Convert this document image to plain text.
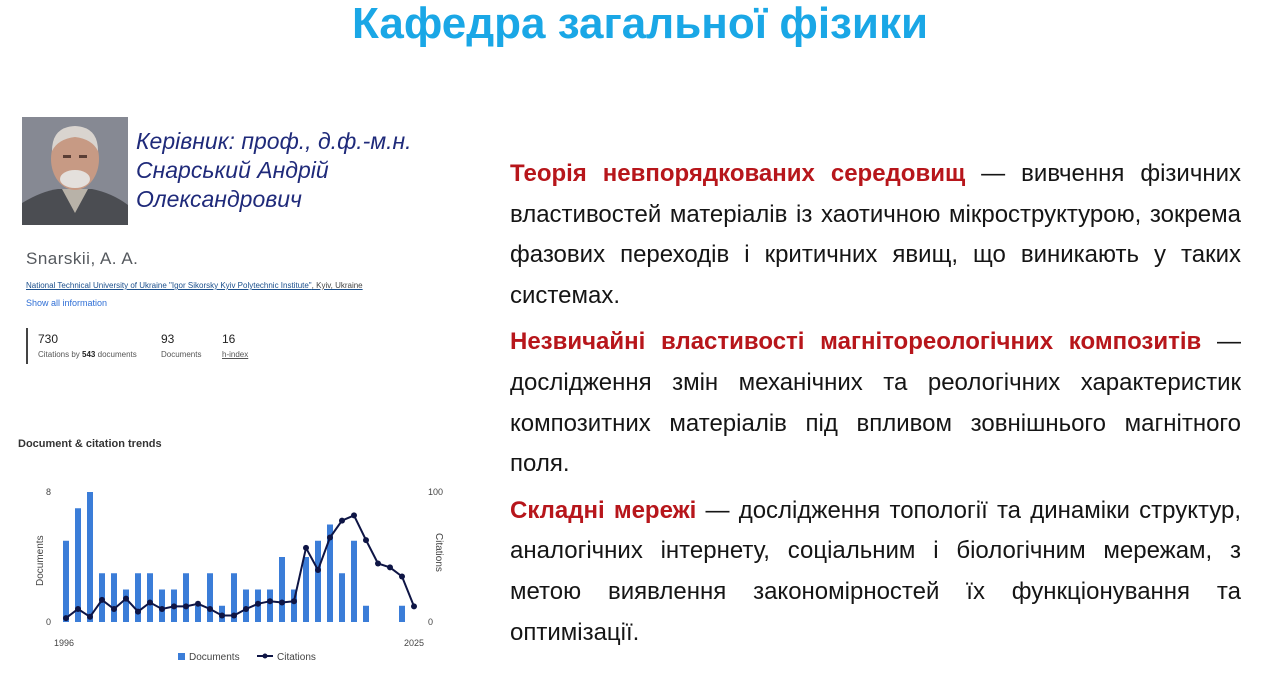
Кафедра загальної фізики
Керівник: проф., д.ф.-м.н.
Снарський Андрій
Олександрович
Snarskii, A. A.
National Technical University of Ukraine "Igor Sikorsky Kyiv Polytechnic Institute", Kyiv, Ukraine
Show all information
730
Citations by 543 documents
93
Documents
16
h-index
Document & citation trends
8
0
100
0
Documents	Citations
1996	2025
Documents	Citations

Теорія невпорядкованих середовищ — вивчення фізичних властивостей матеріалів із хаотичною мікроструктурою, зокрема фазових переходів і критичних явищ, що виникають у таких системах.

Незвичайні властивості магнітореологічних композитів — дослідження змін механічних та реологічних характеристик композитних матеріалів під впливом зовнішнього магнітного поля.

Складні мережі — дослідження топології та динаміки структур, аналогічних інтернету, соціальним і біологічним мережам, з метою виявлення закономірностей їх функціонування та оптимізації.
